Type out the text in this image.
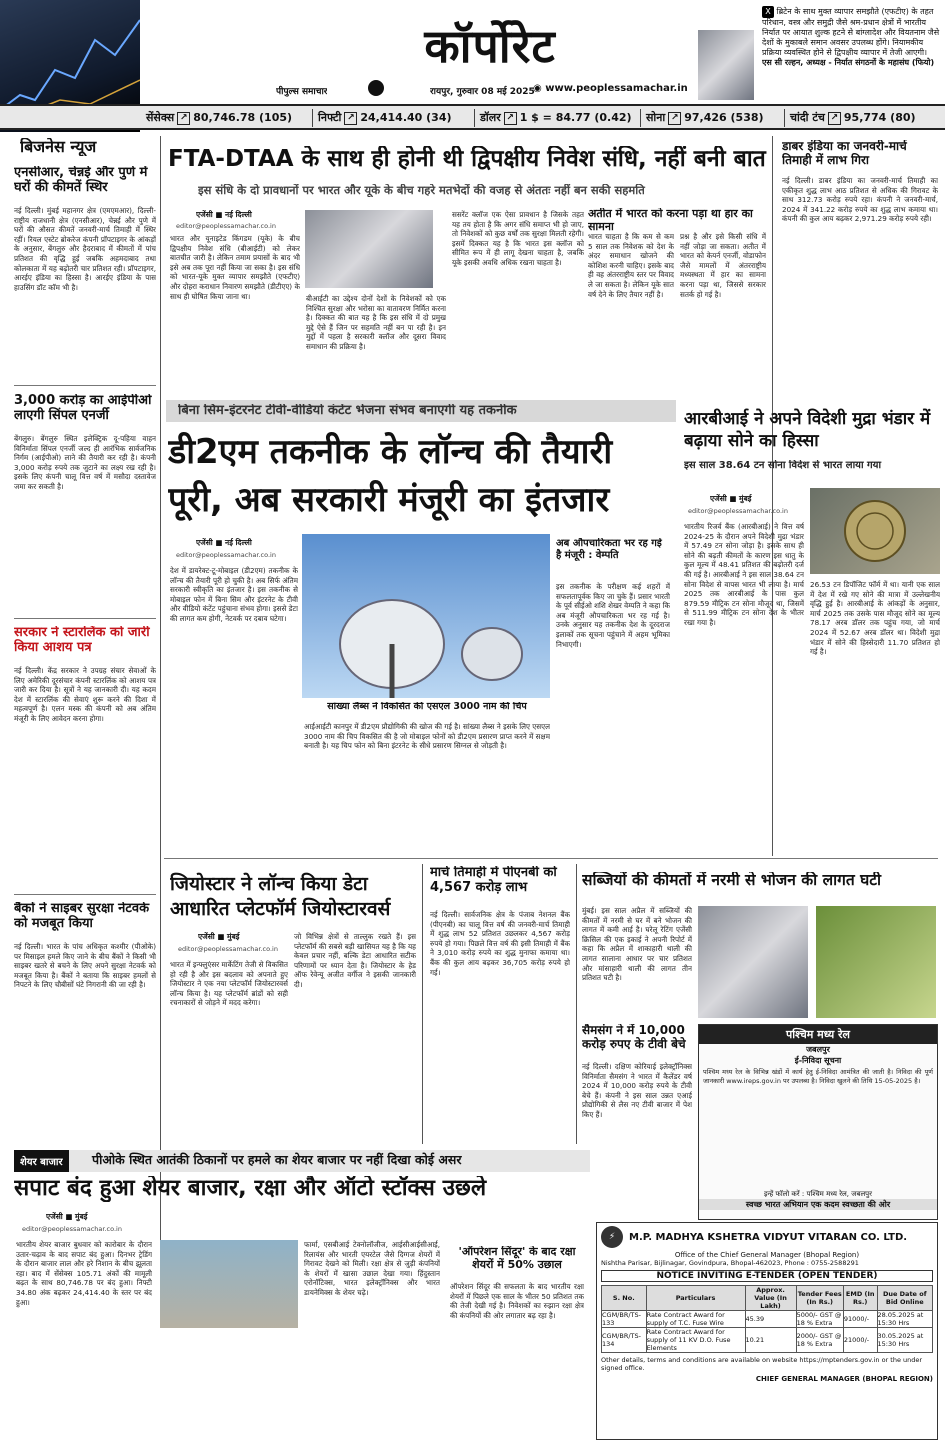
कॉर्पोरेट
पीपुल्स समाचार	रायपुर, गुरुवार 08 मई 2025
◉ www.peoplessamachar.in
X ब्रिटेन के साथ मुक्त व्यापार समझौते (एफटीए) के तहत परिधान, वस्त्र और समुद्री जैसे श्रम-प्रधान क्षेत्रों में भारतीय निर्यात पर आयात शुल्क हटने से बांग्लादेश और वियतनाम जैसे देशों के मुकाबले समान अवसर उपलब्ध होंगे। नियामकीय प्रक्रिया व्यवस्थित होने से द्विपक्षीय व्यापार में तेजी आएगी।
एस सी रल्हन, अध्यक्ष - निर्यात संगठनों के महासंघ (फियो)
सेंसेक्स ↗ 80,746.78 (105) निफ्टी ↗ 24,414.40 (34)	डॉलर ↗ 1 $ = 84.77 (0.42) सोना ↗ 97,426 (538) चांदी टंच ↗ 95,774 (80)
बिजनेस न्यूज
एनसीआर, चेन्नई और पुणे में घरों की कीमतें स्थिर
नई दिल्ली। मुंबई महानगर क्षेत्र (एमएमआर), दिल्ली-राष्ट्रीय राजधानी क्षेत्र (एनसीआर), चेन्नई और पुणे में घरों की औसत कीमतें जनवरी-मार्च तिमाही में स्थिर रहीं। रियल एस्टेट ब्रोकरेज कंपनी प्रॉपटाइगर के आंकड़ों के अनुसार, बेंगलुरु और हैदराबाद में कीमतों में पांच प्रतिशत की वृद्धि हुई जबकि अहमदाबाद तथा कोलकाता में यह बढ़ोतरी चार प्रतिशत रही। प्रॉपटाइगर, आरईए इंडिया का हिस्सा है। आरईए इंडिया के पास हाउसिंग डॉट कॉम भी है।
3,000 करोड़ का आईपीओ लाएगी सिंपल एनर्जी
बेंगलुरु। बेंगलुरु स्थित इलेक्ट्रिक दू-पहिया वाहन विनिर्माता सिंपल एनर्जी जल्द ही आरंभिक सार्वजनिक निर्गम (आईपीओ) लाने की तैयारी कर रही है। कंपनी 3,000 करोड़ रुपये तक जुटाने का लक्ष्य रख रही है। इसके लिए कंपनी चालू वित्त वर्ष में मसौदा दस्तावेज जमा कर सकती है।
सरकार ने स्टारलिंक को जारी किया आशय पत्र
नई दिल्ली। केंद्र सरकार ने उपग्रह संचार सेवाओं के लिए अमेरिकी दूरसंचार कंपनी स्टारलिंक को आशय पत्र जारी कर दिया है। सूत्रों ने यह जानकारी दी। यह कदम देश में स्टारलिंक की सेवाएं शुरू करने की दिशा में महत्वपूर्ण है। एलन मस्क की कंपनी को अब अंतिम मंजूरी के लिए आवेदन करना होगा।
बैंकों ने साइबर सुरक्षा नेटवर्क को मजबूत किया
नई दिल्ली। भारत के पांच अधिकृत कश्मीर (पीओके) पर मिसाइल हमले किए जाने के बीच बैंकों ने किसी भी साइबर खतरे से बचने के लिए अपने सुरक्षा नेटवर्क को मजबूत किया है। बैंकों ने बताया कि साइबर हमलों से निपटने के लिए चौबीसों घंटे निगरानी की जा रही है।
FTA-DTAA के साथ ही होनी थी द्विपक्षीय निवेश संधि, नहीं बनी बात
इस संधि के दो प्रावधानों पर भारत और यूके के बीच गहरे मतभेदों की वजह से अंततः नहीं बन सकी सहमति
एजेंसी ■ नई दिल्ली
editor@peoplessamachar.co.in
भारत और यूनाइटेड किंगडम (यूके) के बीच द्विपक्षीय निवेश संधि (बीआईटी) को लेकर बातचीत जारी है। लेकिन तमाम प्रयासों के बाद भी इसे अब तक पूरा नहीं किया जा सका है। इस संधि को भारत-यूके मुक्त व्यापार समझौते (एफटीए) और दोहरा कराधान निवारण समझौते (डीटीएए) के साथ ही घोषित किया जाना था।	बीआईटी का उद्देश्य दोनों देशों के निवेशकों को एक निश्चित सुरक्षा और भरोसा का वातावरण निर्मित करना है। दिक्कत की बात यह है कि इस संधि में दो प्रमुख मुद्दे ऐसे हैं जिन पर सहमति नहीं बन पा रही है। इन मुद्दों में पहला है सरकारी क्लॉज और दूसरा विवाद समाधान की प्रक्रिया है।
ससरेंट क्लॉज एक ऐसा प्रावधान है जिसके तहत यह तय होता है कि अगर संधि समाप्त भी हो जाए, तो निवेशकों को कुछ वर्षों तक सुरक्षा मिलती रहेगी। इसमें दिक्कत यह है कि भारत इस क्लॉज को सीमित रूप में ही लागू देखना चाहता है, जबकि यूके इसकी अवधि अधिक रखना चाहता है।
अतीत में भारत को करना पड़ा था हार का सामना
भारत चाहता है कि कम से कम 5 साल तक निवेशक को देश के अंदर समाधान खोजने की कोशिश करनी चाहिए। इसके बाद ही वह अंतरराष्ट्रीय स्तर पर विवाद ले जा सकता है। लेकिन यूके सात वर्ष देने के लिए तैयार नहीं है।
प्रश्न है और इसे किसी संधि में नहीं जोड़ा जा सकता। अतीत में भारत को केयर्न एनर्जी, वोडाफोन जैसे मामलों में अंतरराष्ट्रीय मध्यस्थता में हार का सामना करना पड़ा था, जिससे सरकार सतर्क हो गई है।
बिना सिम-इंटरनेट टीवी-वीडियो कंटेंट भेजना संभव बनाएगी यह तकनीक
डी2एम तकनीक के लॉन्च की तैयारी पूरी, अब सरकारी मंजूरी का इंतजार
एजेंसी ■ नई दिल्ली
editor@peoplessamachar.co.in
देश में डायरेक्ट-टू-मोबाइल (डी2एम) तकनीक के लॉन्च की तैयारी पूरी हो चुकी है। अब सिर्फ अंतिम सरकारी स्वीकृति का इंतजार है। इस तकनीक से मोबाइल फोन में बिना सिम और इंटरनेट के टीवी और वीडियो कंटेंट पहुंचाना संभव होगा। इससे डेटा की लागत कम होगी, नेटवर्क पर दबाव घटेगा।
सांख्या लैब्स ने विकसित की एसएल 3000 नाम की चिप
अब औपचारिकता भर रह गई है मंजूरी : वेम्पति
इस तकनीक के परीक्षण कई शहरों में सफलतापूर्वक किए जा चुके हैं। प्रसार भारती के पूर्व सीईओ शशि शेखर वेम्पति ने कहा कि अब मंजूरी औपचारिकता भर रह गई है। उनके अनुसार यह तकनीक देश के दूरदराज इलाकों तक सूचना पहुंचाने में अहम भूमिका निभाएगी।
आईआईटी कानपुर में डी2एम प्रौद्योगिकी की खोज की गई है। सांख्या लैब्स ने इसके लिए एसएल 3000 नाम की चिप विकसित की है जो मोबाइल फोनों को डी2एम प्रसारण प्राप्त करने में सक्षम बनाती है। यह चिप फोन को बिना इंटरनेट के सीधे प्रसारण सिग्नल से जोड़ती है।
डाबर इंडिया का जनवरी-मार्च तिमाही में लाभ गिरा
नई दिल्ली। डाबर इंडिया का जनवरी-मार्च तिमाही का एकीकृत शुद्ध लाभ आठ प्रतिशत से अधिक की गिरावट के साथ 312.73 करोड़ रुपये रहा। कंपनी ने जनवरी-मार्च, 2024 में 341.22 करोड़ रुपये का शुद्ध लाभ कमाया था। कंपनी की कुल आय बढ़कर 2,971.29 करोड़ रुपये रही।
आरबीआई ने अपने विदेशी मुद्रा भंडार में बढ़ाया सोने का हिस्सा
इस साल 38.64 टन सोना विदेश से भारत लाया गया
एजेंसी ■ मुंबई
editor@peoplessamachar.co.in
भारतीय रिजर्व बैंक (आरबीआई) ने वित्त वर्ष 2024-25 के दौरान अपने विदेशी मुद्रा भंडार में 57.49 टन सोना जोड़ा है। इसके साथ ही सोने की बढ़ती कीमतों के कारण इस धातु के कुल मूल्य में 48.41 प्रतिशत की बढ़ोतरी दर्ज की गई है। आरबीआई ने इस साल 38.64 टन सोना विदेश से वापस भारत भी लाया है। मार्च 2025 तक आरबीआई के पास कुल 879.59 मीट्रिक टन सोना मौजूद था, जिसमें से 511.99 मीट्रिक टन सोना देश के भीतर रखा गया है।
26.53 टन डिपॉजिट फॉर्म में था। यानी एक साल में देश में रखे गए सोने की मात्रा में उल्लेखनीय वृद्धि हुई है। आरबीआई के आंकड़ों के अनुसार, मार्च 2025 तक उसके पास मौजूद सोने का मूल्य 78.17 अरब डॉलर तक पहुंच गया, जो मार्च 2024 में 52.67 अरब डॉलर था। विदेशी मुद्रा भंडार में सोने की हिस्सेदारी 11.70 प्रतिशत हो गई है।
जियोस्टार ने लॉन्च किया डेटा आधारित प्लेटफॉर्म जियोस्टारवर्स
एजेंसी ■ मुंबई
editor@peoplessamachar.co.in
भारत में इन्फ्लुएंसर मार्केटिंग तेजी से विकसित हो रही है और इस बदलाव को अपनाते हुए जियोस्टार ने एक नया प्लेटफॉर्म जियोस्टारवर्स लॉन्च किया है। यह प्लेटफॉर्म ब्रांडों को सही रचनाकारों से जोड़ने में मदद करेगा।
जो विभिन्न क्षेत्रों से ताल्लुक रखते हैं। इस प्लेटफॉर्म की सबसे बड़ी खासियत यह है कि यह केवल प्रचार नहीं, बल्कि डेटा आधारित सटीक परिणामों पर ध्यान देता है। जियोस्टार के हेड ऑफ रेवेन्यू अजीत वर्गीज ने इसकी जानकारी दी।
मार्च तिमाही में पीएनबी को 4,567 करोड़ लाभ
नई दिल्ली। सार्वजनिक क्षेत्र के पंजाब नेशनल बैंक (पीएनबी) का चालू वित्त वर्ष की जनवरी-मार्च तिमाही में शुद्ध लाभ 52 प्रतिशत उछलकर 4,567 करोड़ रुपये हो गया। पिछले वित्त वर्ष की इसी तिमाही में बैंक ने 3,010 करोड़ रुपये का शुद्ध मुनाफा कमाया था। बैंक की कुल आय बढ़कर 36,705 करोड़ रुपये हो गई।
सब्जियों की कीमतों में नरमी से भोजन की लागत घटी
मुंबई। इस साल अप्रैल में सब्जियों की कीमतों में नरमी से घर में बने भोजन की लागत में कमी आई है। घरेलू रेटिंग एजेंसी क्रिसिल की एक इकाई ने अपनी रिपोर्ट में कहा कि अप्रैल में शाकाहारी थाली की लागत सालाना आधार पर चार प्रतिशत और मांसाहारी थाली की लागत तीन प्रतिशत घटी है।
सैमसंग ने में 10,000 करोड़ रुपए के टीवी बेचे
नई दिल्ली। दक्षिण कोरियाई इलेक्ट्रॉनिक्स विनिर्माता सैमसंग ने भारत में कैलेंडर वर्ष 2024 में 10,000 करोड़ रुपये के टीवी बेचे हैं। कंपनी ने इस साल उन्नत एआई प्रौद्योगिकी से लैस नए टीवी बाजार में पेश किए हैं।
पश्चिम मध्य रेल
जबलपुर
ई-निविदा सूचना
पश्चिम मध्य रेल के विभिन्न खंडों में कार्य हेतु ई-निविदा आमंत्रित की जाती है। निविदा की पूर्ण जानकारी www.ireps.gov.in पर उपलब्ध है। निविदा खुलने की तिथि 15-05-2025 है।
इन्हें फॉलो करें : पश्चिम मध्य रेल, जबलपुर
स्वच्छ भारत अभियान एक कदम स्वच्छता की ओर
शेयर बाजार	पीओके स्थित आतंकी ठिकानों पर हमले का शेयर बाजार पर नहीं दिखा कोई असर
सपाट बंद हुआ शेयर बाजार, रक्षा और ऑटो स्टॉक्स उछले
एजेंसी ■ मुंबई
editor@peoplessamachar.co.in
भारतीय शेयर बाजार बुधवार को कारोबार के दौरान उतार-चढ़ाव के बाद सपाट बंद हुआ। दिनभर ट्रेडिंग के दौरान बाजार लाल और हरे निशान के बीच झूलता रहा। बाद में सेंसेक्स 105.71 अंकों की मामूली बढ़त के साथ 80,746.78 पर बंद हुआ। निफ्टी 34.80 अंक बढ़कर 24,414.40 के स्तर पर बंद हुआ।
फार्मा, एसबीआई टेक्नोलॉजीज, आईसीआईसीआई, रिलायंस और भारती एयरटेल जैसे दिग्गज शेयरों में गिरावट देखने को मिली। रक्षा क्षेत्र से जुड़ी कंपनियों के शेयरों में खासा उछाल देखा गया। हिंदुस्तान एरोनॉटिक्स, भारत इलेक्ट्रॉनिक्स और भारत डायनेमिक्स के शेयर चढ़े।
'ऑपरेशन सिंदूर' के बाद रक्षा शेयरों में 50% उछाल
ऑपरेशन सिंदूर की सफलता के बाद भारतीय रक्षा शेयरों में पिछले एक साल के भीतर 50 प्रतिशत तक की तेजी देखी गई है। निवेशकों का रुझान रक्षा क्षेत्र की कंपनियों की ओर लगातार बढ़ रहा है।
⚡	M.P. MADHYA KSHETRA VIDYUT VITARAN CO. LTD.
Office of the Chief General Manager (Bhopal Region)
Nishtha Parisar, Bijlinagar, Govindpura, Bhopal-462023, Phone : 0755-2588291
NOTICE INVITING E-TENDER (OPEN TENDER)
S. No.	Particulars	Approx. Value (In Lakh)	Tender Fees (In Rs.)	EMD (In Rs.)	Due Date of Bid Online
CGM/BR/TS-133	Rate Contract Award for supply of T.C. Fuse Wire	45.39	5000/- GST @ 18 % Extra	91000/-	28.05.2025 at 15:30 Hrs
CGM/BR/TS-134	Rate Contract Award for supply of 11 KV D.O. Fuse Elements	10.21	2000/- GST @ 18 % Extra	21000/-	30.05.2025 at 15:30 Hrs
Other details, terms and conditions are available on website https://mptenders.gov.in or the under signed office.
CHIEF GENERAL MANAGER (BHOPAL REGION)
